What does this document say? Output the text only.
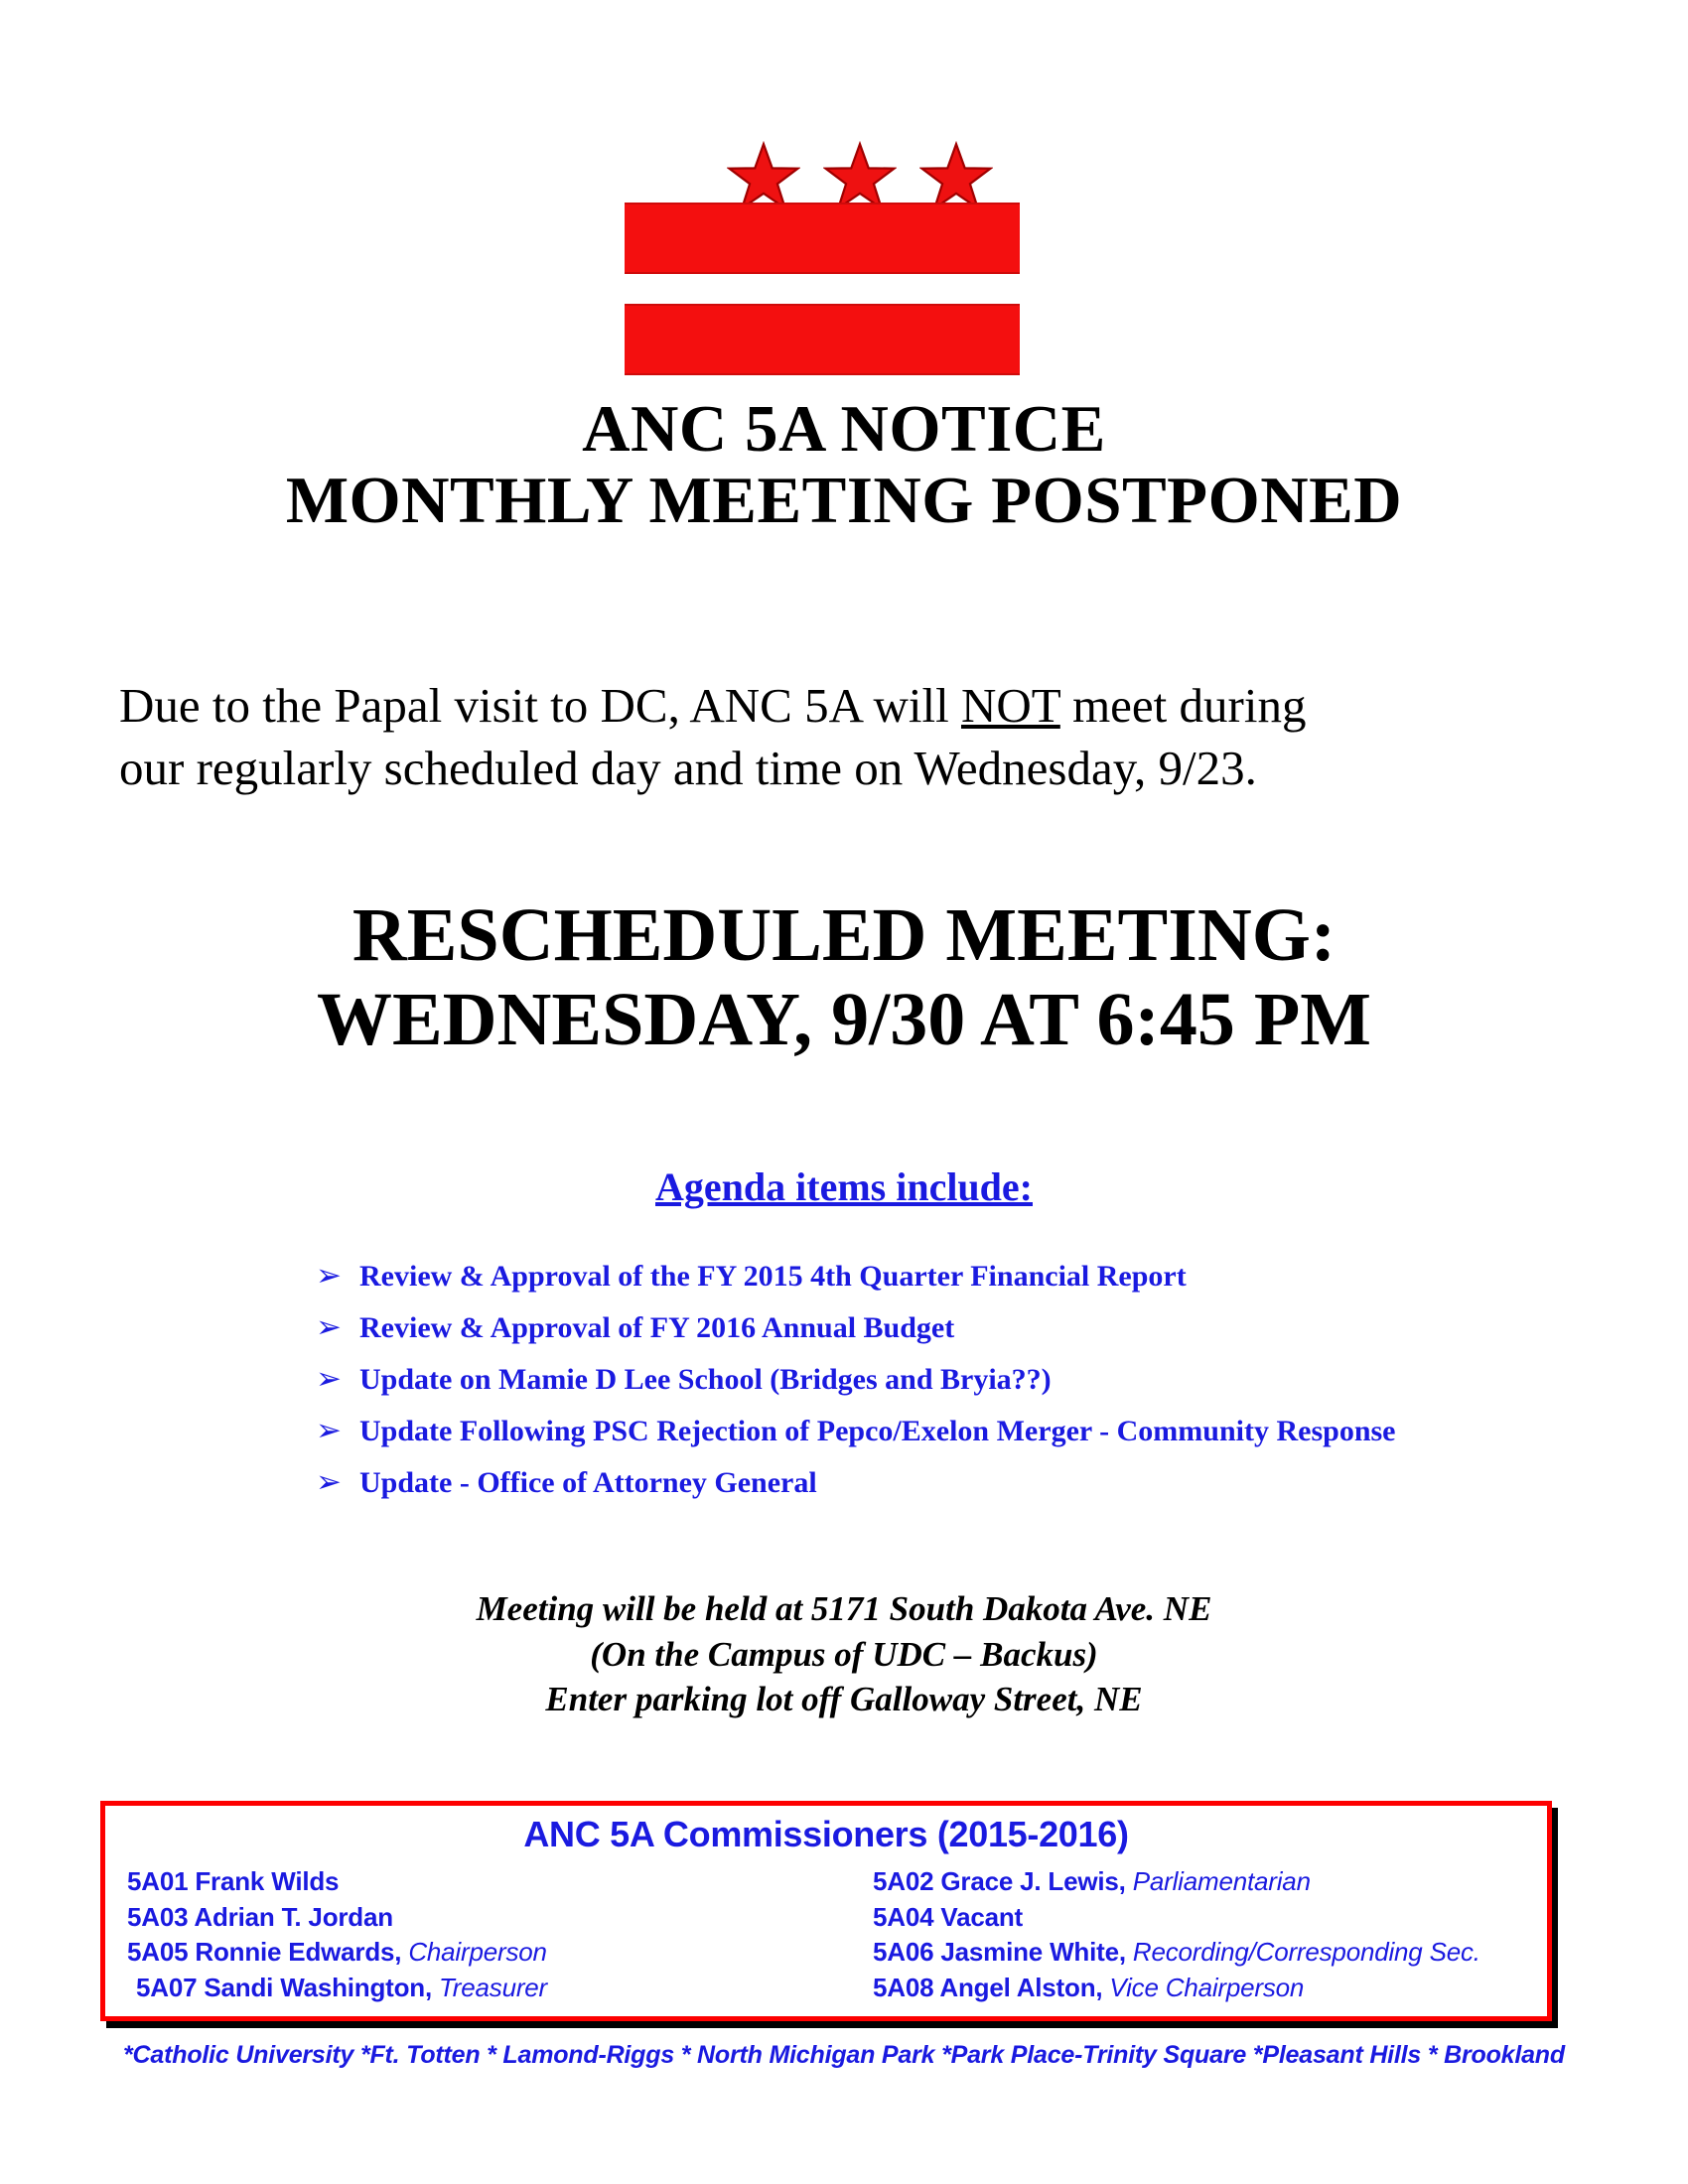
ANC 5A NOTICE
MONTHLY MEETING POSTPONED
Due to the Papal visit to DC, ANC 5A will NOT meet during
our regularly scheduled day and time on Wednesday, 9/23.
RESCHEDULED MEETING:
WEDNESDAY, 9/30 AT 6:45 PM
Agenda items include:
➢ Review & Approval of the FY 2015 4th Quarter Financial Report
➢ Review & Approval of FY 2016 Annual Budget
➢ Update on Mamie D Lee School (Bridges and Bryia??)
➢ Update Following PSC Rejection of Pepco/Exelon Merger - Community Response
➢ Update - Office of Attorney General
Meeting will be held at 5171 South Dakota Ave. NE
(On the Campus of UDC – Backus)
Enter parking lot off Galloway Street, NE
ANC 5A Commissioners (2015-2016)
5A01 Frank Wilds
5A03 Adrian T. Jordan
5A05 Ronnie Edwards, Chairperson
5A07 Sandi Washington, Treasurer
5A02 Grace J. Lewis, Parliamentarian
5A04 Vacant
5A06 Jasmine White, Recording/Corresponding Sec.
5A08 Angel Alston, Vice Chairperson
*Catholic University *Ft. Totten * Lamond-Riggs * North Michigan Park *Park Place-Trinity Square *Pleasant Hills * Brookland
